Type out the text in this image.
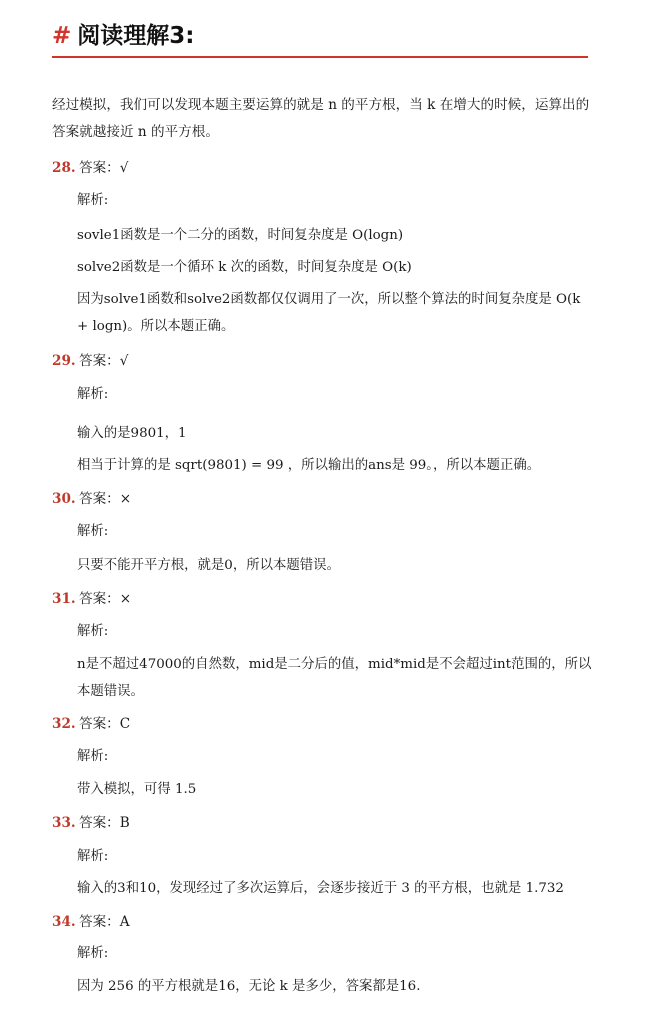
# 阅读理解3:
经过模拟，我们可以发现本题主要运算的就是 n 的平方根，当 k 在增大的时候，运算出的答案就越接近 n 的平方根。
28. 答案：√
解析:
sovle1函数是一个二分的函数，时间复杂度是 O(logn)
solve2函数是一个循环 k 次的函数，时间复杂度是 O(k)
因为solve1函数和solve2函数都仅仅调用了一次，所以整个算法的时间复杂度是 O(k + logn)。所以本题正确。
29. 答案：√
解析:
输入的是9801，1
相当于计算的是 sqrt(9801) = 99 ，所以输出的ans是 99。，所以本题正确。
30. 答案：×
解析:
只要不能开平方根，就是0，所以本题错误。
31. 答案：×
解析:
n是不超过47000的自然数，mid是二分后的值，mid*mid是不会超过int范围的，所以本题错误。
32. 答案：C
解析:
带入模拟，可得 1.5
33. 答案：B
解析:
输入的3和10，发现经过了多次运算后，会逐步接近于 3 的平方根，也就是 1.732
34. 答案：A
解析:
因为 256 的平方根就是16，无论 k 是多少，答案都是16.
